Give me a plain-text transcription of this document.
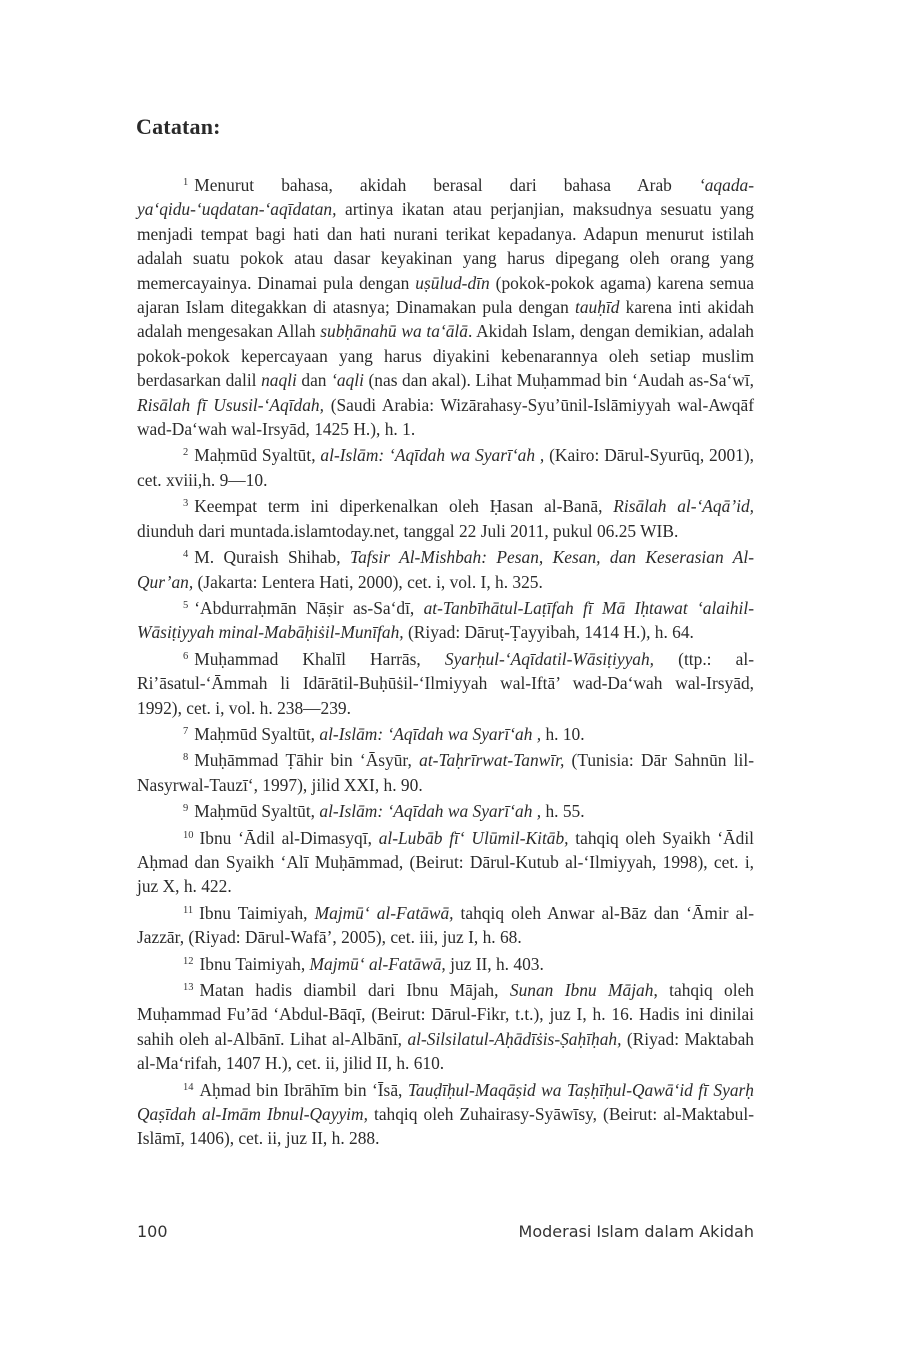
Catatan:

$^1$ Menurut bahasa, akidah berasal dari bahasa Arab ‘aqada-ya‘qidu-‘uqdatan-‘aqīdatan, artinya ikatan atau perjanjian, maksudnya sesuatu yang menjadi tempat bagi hati dan hati nurani terikat kepadanya. Adapun menurut istilah adalah suatu pokok atau dasar keyakinan yang harus dipegang oleh orang yang memercayainya. Dinamai pula dengan uṣūlud-dīn (pokok-pokok agama) karena semua ajaran Islam ditegakkan di atasnya; Dinamakan pula dengan tauḥīd karena inti akidah adalah mengesakan Allah subḥānahū wa ta‘ālā. Akidah Islam, dengan demikian, adalah pokok-pokok kepercayaan yang harus diyakini kebenarannya oleh setiap muslim berdasarkan dalil naqli dan ‘aqli (nas dan akal). Lihat Muḥammad bin ‘Audah as-Sa‘wī, Risālah fī Ususil-‘Aqīdah, (Saudi Arabia: Wizārahasy-Syu’ūnil-Islāmiyyah wal-Awqāf wad-Da‘wah wal-Irsyād, 1425 H.), h. 1.

$^2$ Maḥmūd Syaltūt, al-Islām: ‘Aqīdah wa Syarī‘ah , (Kairo: Dārul-Syurūq, 2001), cet. xviii,h. 9—10.

$^3$ Keempat term ini diperkenalkan oleh Ḥasan al-Banā, Risālah al-‘Aqā’id, diunduh dari muntada.islamtoday.net, tanggal 22 Juli 2011, pukul 06.25 WIB.

$^4$ M. Quraish Shihab, Tafsir Al-Mishbah: Pesan, Kesan, dan Keserasian Al-Qur’an, (Jakarta: Lentera Hati, 2000), cet. i, vol. I, h. 325.

$^5$ ‘Abdurraḥmān Nāṣir as-Sa‘dī, at-Tanbīhātul-Laṭīfah fī Mā Iḥtawat ‘alaihil-Wāsiṭiyyah minal-Mabāḥiṡil-Munīfah, (Riyad: Dāruṭ-Ṭayyibah, 1414 H.), h. 64.

$^6$ Muḥammad Khalīl Harrās, Syarḥul-‘Aqīdatil-Wāsiṭiyyah, (ttp.: al-Ri’āsatul-‘Āmmah li Idārātil-Buḥūṡil-‘Ilmiyyah wal-Iftā’ wad-Da‘wah wal-Irsyād, 1992), cet. i, vol. h. 238—239.

$^7$ Maḥmūd Syaltūt, al-Islām: ‘Aqīdah wa Syarī‘ah , h. 10.

$^8$ Muḥāmmad Ṭāhir bin ‘Āsyūr, at-Taḥrīrwat-Tanwīr, (Tunisia: Dār Sahnūn lil-Nasyrwal-Tauzī‘, 1997), jilid XXI, h. 90.

$^9$ Maḥmūd Syaltūt, al-Islām: ‘Aqīdah wa Syarī‘ah , h. 55.

$^{10}$ Ibnu ‘Ādil al-Dimasyqī, al-Lubāb fī‘ Ulūmil-Kitāb, tahqiq oleh Syaikh ‘Ādil Aḥmad dan Syaikh ‘Alī Muḥāmmad, (Beirut: Dārul-Kutub al-‘Ilmiyyah, 1998), cet. i, juz X, h. 422.

$^{11}$ Ibnu Taimiyah, Majmū‘ al-Fatāwā, tahqiq oleh Anwar al-Bāz dan ‘Āmir al-Jazzār, (Riyad: Dārul-Wafā’, 2005), cet. iii, juz I, h. 68.

$^{12}$ Ibnu Taimiyah, Majmū‘ al-Fatāwā, juz II, h. 403.

$^{13}$ Matan hadis diambil dari Ibnu Mājah, Sunan Ibnu Mājah, tahqiq oleh Muḥammad Fu’ād ‘Abdul-Bāqī, (Beirut: Dārul-Fikr, t.t.), juz I, h. 16. Hadis ini dinilai sahih oleh al-Albānī. Lihat al-Albānī, al-Silsilatul-Aḥādīṡis-Ṣaḥīḥah, (Riyad: Maktabah al-Ma‘rifah, 1407 H.), cet. ii, jilid II, h. 610.

$^{14}$ Aḥmad bin Ibrāhīm bin ‘Īsā, Tauḍīḥul-Maqāṣid wa Taṣḥīḥul-Qawā‘id fī Syarḥ Qaṣīdah al-Imām Ibnul-Qayyim, tahqiq oleh Zuhairasy-Syāwīsy, (Beirut: al-Maktabul-Islāmī, 1406), cet. ii, juz II, h. 288.

100	Moderasi Islam dalam Akidah
